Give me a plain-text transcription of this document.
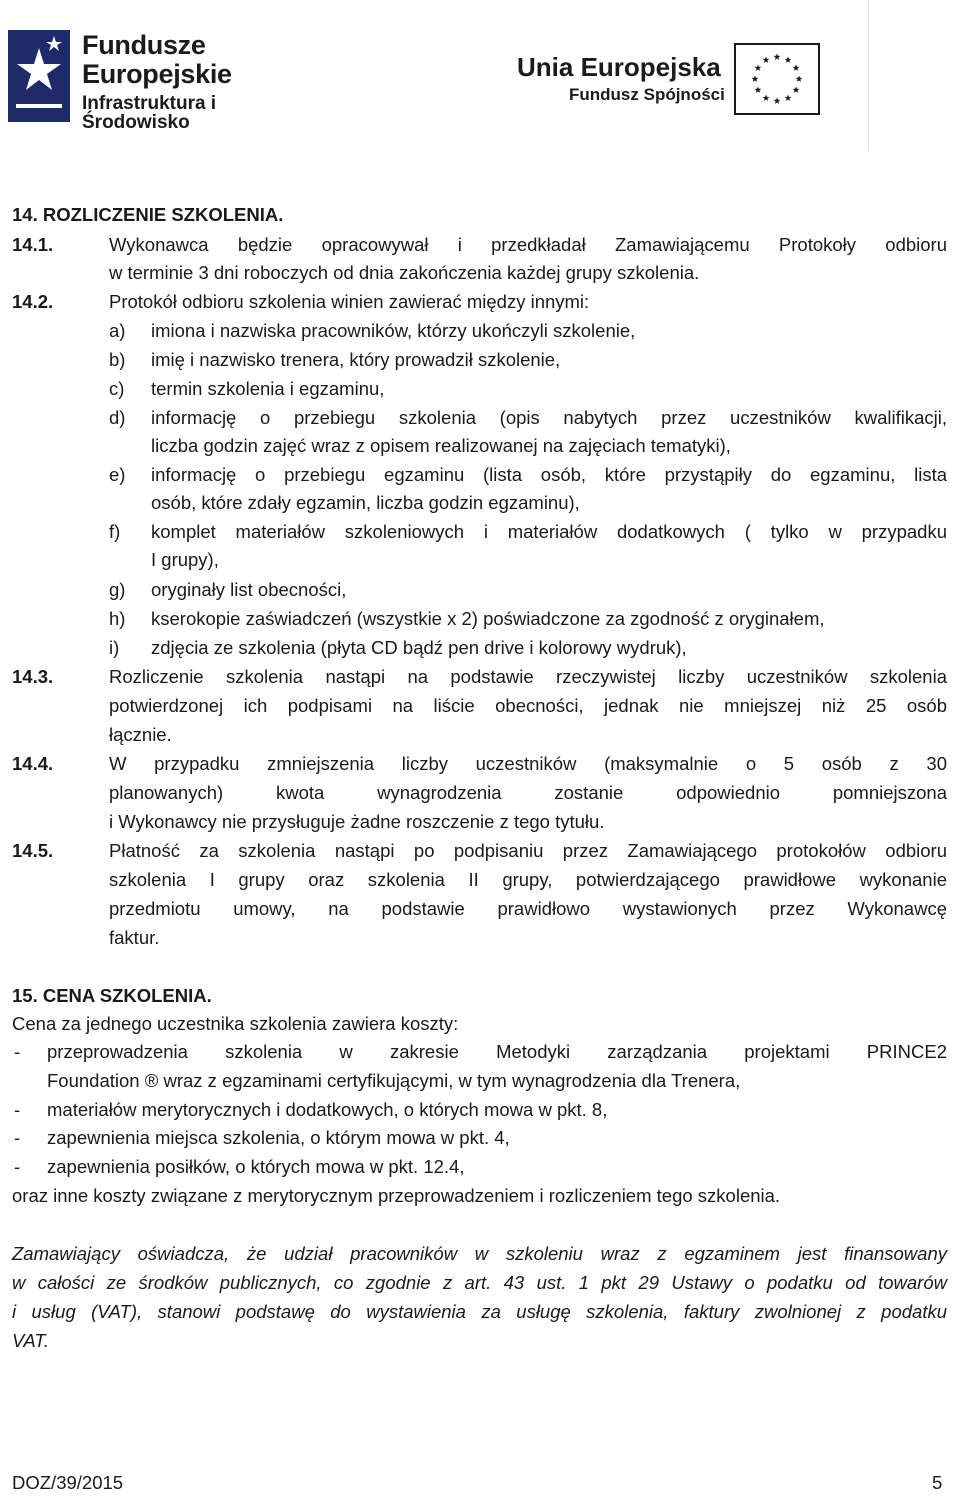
Fundusze
Europejskie
Infrastruktura i Środowisko
Unia Europejska
Fundusz Spójności
14. ROZLICZENIE SZKOLENIA.
14.1.	Wykonawca będzie opracowywał i przedkładał Zamawiającemu Protokoły odbioru
w terminie 3 dni roboczych od dnia zakończenia każdej grupy szkolenia.
14.2.	Protokół odbioru szkolenia winien zawierać między innymi:
a) imiona i nazwiska pracowników, którzy ukończyli szkolenie,
b) imię i nazwisko trenera, który prowadził szkolenie,
c) termin szkolenia i egzaminu,
d) informację o przebiegu szkolenia (opis nabytych przez uczestników kwalifikacji,
liczba godzin zajęć wraz z opisem realizowanej na zajęciach tematyki),
e) informację o przebiegu egzaminu (lista osób, które przystąpiły do egzaminu, lista
osób, które zdały egzamin, liczba godzin egzaminu),
f) komplet materiałów szkoleniowych i materiałów dodatkowych ( tylko w przypadku
I grupy),
g) oryginały list obecności,
h) kserokopie zaświadczeń (wszystkie x 2) poświadczone za zgodność z oryginałem,
i) zdjęcia ze szkolenia (płyta CD bądź pen drive i kolorowy wydruk),
14.3.	Rozliczenie szkolenia nastąpi na podstawie rzeczywistej liczby uczestników szkolenia
potwierdzonej ich podpisami na liście obecności, jednak nie mniejszej niż 25 osób
łącznie.
14.4.	W przypadku zmniejszenia liczby uczestników (maksymalnie o 5 osób z 30
planowanych) kwota wynagrodzenia zostanie odpowiednio pomniejszona
i Wykonawcy nie przysługuje żadne roszczenie z tego tytułu.
14.5.	Płatność za szkolenia nastąpi po podpisaniu przez Zamawiającego protokołów odbioru
szkolenia I grupy oraz szkolenia II grupy, potwierdzającego prawidłowe wykonanie
przedmiotu umowy, na podstawie prawidłowo wystawionych przez Wykonawcę
faktur.
15. CENA SZKOLENIA.
Cena za jednego uczestnika szkolenia zawiera koszty:
- przeprowadzenia szkolenia w zakresie Metodyki zarządzania projektami PRINCE2
Foundation ® wraz z egzaminami certyfikującymi, w tym wynagrodzenia dla Trenera,
- materiałów merytorycznych i dodatkowych, o których mowa w pkt. 8,
- zapewnienia miejsca szkolenia, o którym mowa w pkt. 4,
- zapewnienia posiłków, o których mowa w pkt. 12.4,
oraz inne koszty związane z merytorycznym przeprowadzeniem i rozliczeniem tego szkolenia.
Zamawiający oświadcza, że udział pracowników w szkoleniu wraz z egzaminem jest finansowany
w całości ze środków publicznych, co zgodnie z art. 43 ust. 1 pkt 29 Ustawy o podatku od towarów
i usług (VAT), stanowi podstawę do wystawienia za usługę szkolenia, faktury zwolnionej z podatku
VAT.
DOZ/39/2015	5
